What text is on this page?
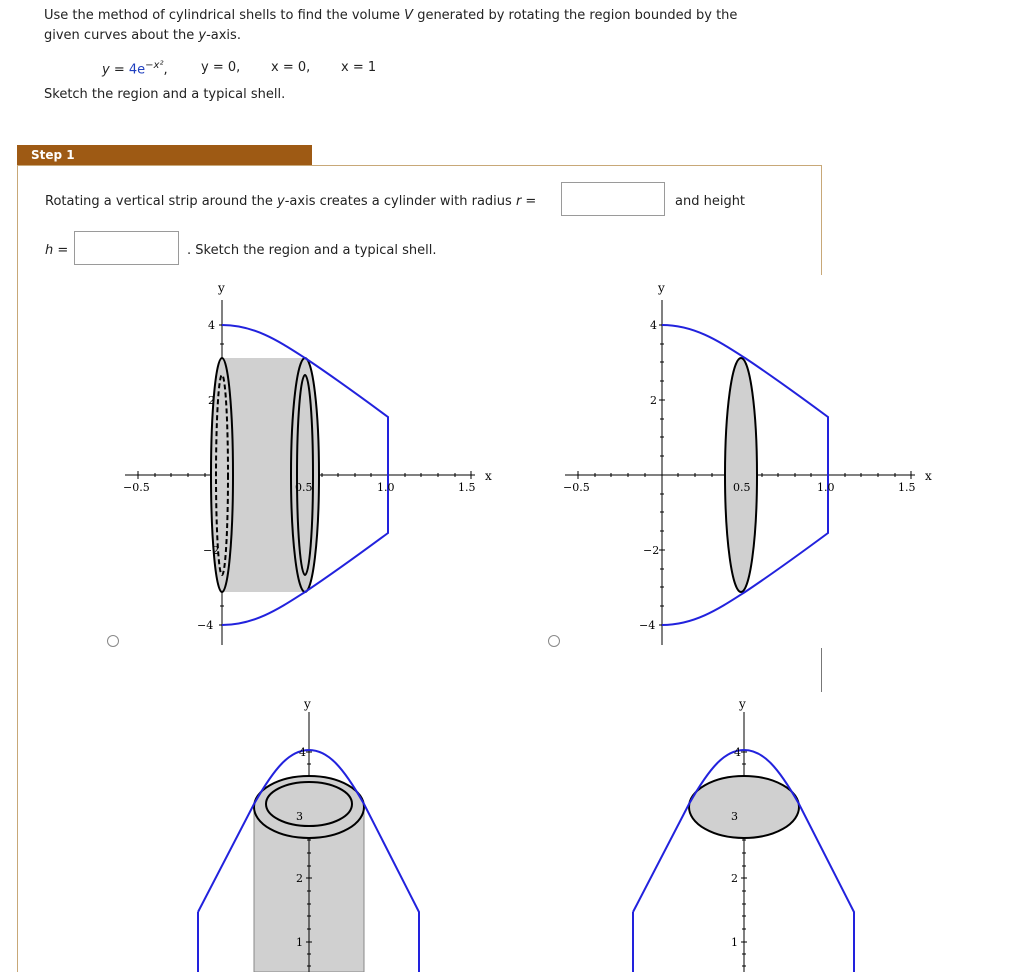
Use the method of cylindrical shells to find the volume V generated by rotating the region bounded by the
given curves about the y-axis.
$y = 4e^{-x^2}$,	y = 0, x = 0, x = 1
Sketch the region and a typical shell.
Step 1
Rotating a vertical strip around the y-axis creates a cylinder with radius r =	and height
h =	. Sketch the region and a typical shell.
y
x
4
2
−2
−4
−0.5	0.5	1.0	1.5
y
x
4
2
−2
−4
−0.5	0.5	1.0	1.5
y
4
3
2
1
y
4
3
2
1
